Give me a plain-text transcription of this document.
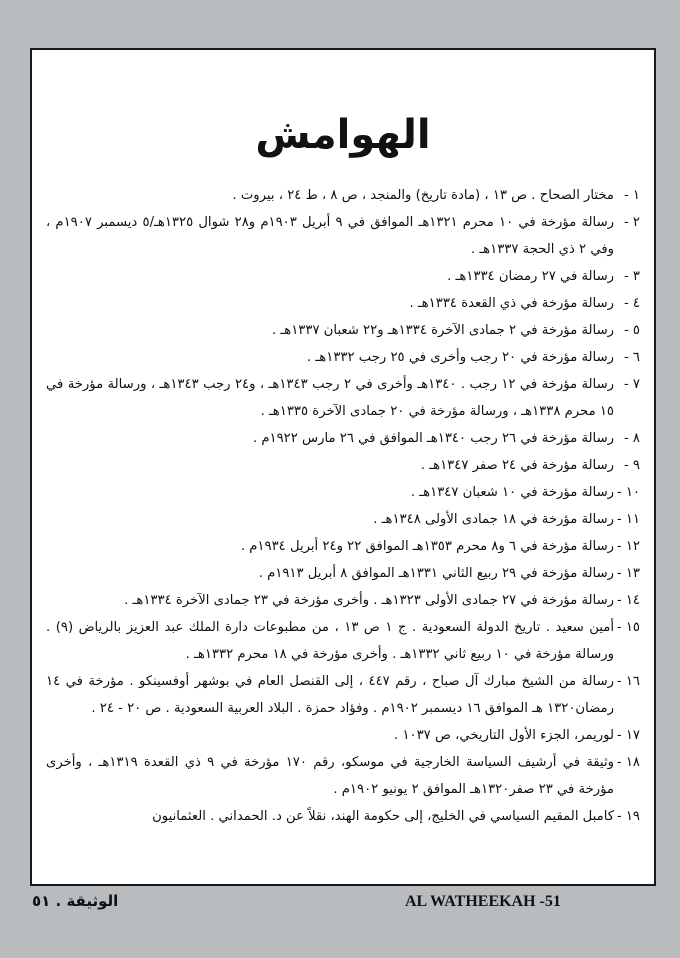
الهوامش
١ -
مختار الصحاح . ص ١٣ ، (مادة تاريخ) والمنجد ، ص ٨ ، ط ٢٤ ، بيروت .
٢ -
رسالة مؤرخة في ١٠ محرم ١٣٢١هـ الموافق في ٩ أبريل ١٩٠٣م و٢٨ شوال ١٣٢٥هـ/٥ ديسمبر ١٩٠٧م ، وفي ٢ ذي الحجة ١٣٣٧هـ .
٣ -
رسالة في ٢٧ رمضان ١٣٣٤هـ .
٤ -
رسالة مؤرخة في ذي القعدة ١٣٣٤هـ .
٥ -
رسالة مؤرخة في ٢ جمادى الآخرة ١٣٣٤هـ و٢٢ شعبان ١٣٣٧هـ .
٦ -
رسالة مؤرخة في ٢٠ رجب وأخرى في ٢٥ رجب ١٣٣٢هـ .
٧ -
رسالة مؤرخة في ١٢ رجب . ١٣٤٠هـ وأخرى في ٢ رجب ١٣٤٣هـ ، و٢٤ رجب ١٣٤٣هـ ، ورسالة مؤرخة في ١٥ محرم ١٣٣٨هـ ، ورسالة مؤرخة في ٢٠ جمادى الآخرة ١٣٣٥هـ .
٨ -
رسالة مؤرخة في ٢٦ رجب ١٣٤٠هـ الموافق في ٢٦ مارس ١٩٢٢م .
٩ -
رسالة مؤرخة في ٢٤ صفر ١٣٤٧هـ .
١٠ -
رسالة مؤرخة في ١٠ شعبان ١٣٤٧هـ .
١١ -
رسالة مؤرخة في ١٨ جمادى الأولى ١٣٤٨هـ .
١٢ -
رسالة مؤرخة في ٦ و٨ محرم ١٣٥٣هـ الموافق ٢٢ و٢٤ أبريل ١٩٣٤م .
١٣ -
رسالة مؤرخة في ٢٩ ربيع الثاني ١٣٣١هـ الموافق ٨ أبريل ١٩١٣م .
١٤ -
رسالة مؤرخة في ٢٧ جمادى الأولى ١٣٢٣هـ . وأخرى مؤرخة في ٢٣ جمادى الآخرة ١٣٣٤هـ .
١٥ -
أمين سعيد . تاريخ الدولة السعودية . ج ١ ص ١٣ ، من مطبوعات دارة الملك عبد العزيز بالرياض (٩) . ورسالة مؤرخة في ١٠ ربيع ثاني ١٣٣٢هـ . وأخرى مؤرخة في ١٨ محرم ١٣٣٢هـ .
١٦ -
رسالة من الشيخ مبارك آل صباح ، رقم ٤٤٧ ، إلى القنصل العام في بوشهر أوفسينكو . مؤرخة في ١٤ رمضان١٣٢٠ هـ الموافق ١٦ ديسمبر ١٩٠٢م . وفؤاد حمزة . البلاد العربية السعودية . ص ٢٠ - ٢٤ .
١٧ -
لوريمر، الجزء الأول التاريخي، ص ١٠٣٧ .
١٨ -
وثيقة في أرشيف السياسة الخارجية في موسكو، رقم ١٧٠ مؤرخة في ٩ ذي القعدة ١٣١٩هـ ، وأخرى مؤرخة في ٢٣ صفر١٣٢٠هـ الموافق ٢ يونيو ١٩٠٢م .
١٩ -
كامبل المقيم السياسي في الخليج، إلى حكومة الهند، نقلاً عن د. الحمداني . العثمانيون
AL WATHEEKAH -51
الوثيقة . ٥١
